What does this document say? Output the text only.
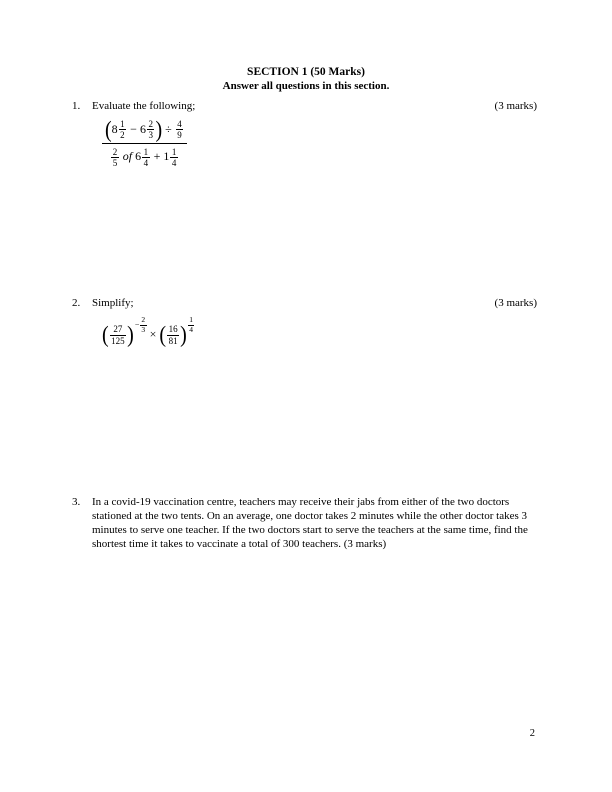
SECTION 1 (50 Marks)
Answer all questions in this section.
1.	Evaluate the following;	(3 marks)
$\frac{(8 \frac{1}{2} - 6 \frac{2}{3} ) \div \frac{4}{9}}{\frac{2}{5} of 6 \frac{1}{4} + 1 \frac{1}{4}}$
2.	Simplify;	(3 marks)
( $\frac{27}{125}$ )− $\frac{2}{3}$ × ( $\frac{16}{81}$ ) $\frac{1}{4}$
3.	In a covid-19 vaccination centre, teachers may receive their jabs from either of the two doctors stationed at the two tents. On an average, one doctor takes 2 minutes while the other doctor takes 3 minutes to serve one teacher. If the two doctors start to serve the teachers at the same time, find the shortest time it takes to vaccinate a total of 300 teachers. (3 marks)
2
